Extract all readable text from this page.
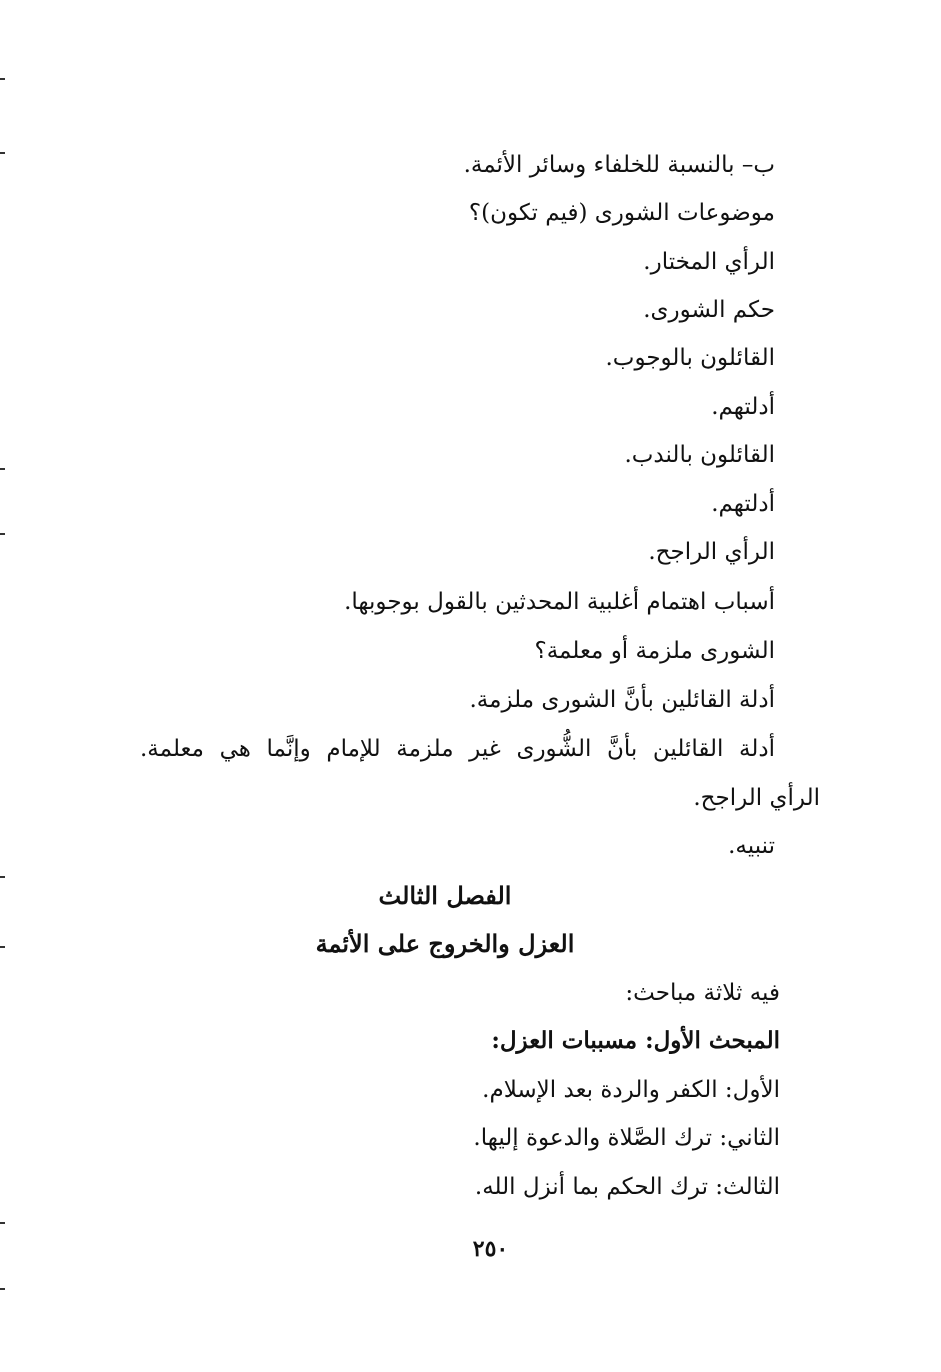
ب– بالنسبة للخلفاء وسائر الأئمة.
موضوعات الشورى (فيم تكون)؟
الرأي المختار.
حكم الشورى.
القائلون بالوجوب.
أدلتهم.
القائلون بالندب.
أدلتهم.
الرأي الراجح.
أسباب اهتمام أغلبية المحدثين بالقول بوجوبها.
الشورى ملزمة أو معلمة؟
أدلة القائلين بأنَّ الشورى ملزمة.
أدلة القائلين بأنَّ الشُّورى غير ملزمة للإمام وإنَّما هي معلمة.
الرأي الراجح.
تنبيه.
الفصل الثالث
العزل والخروج على الأئمة
فيه ثلاثة مباحث:
المبحث الأول: مسببات العزل:
الأول: الكفر والردة بعد الإسلام.
الثاني: ترك الصَّلاة والدعوة إليها.
الثالث: ترك الحكم بما أنزل الله.
٢٥٠
